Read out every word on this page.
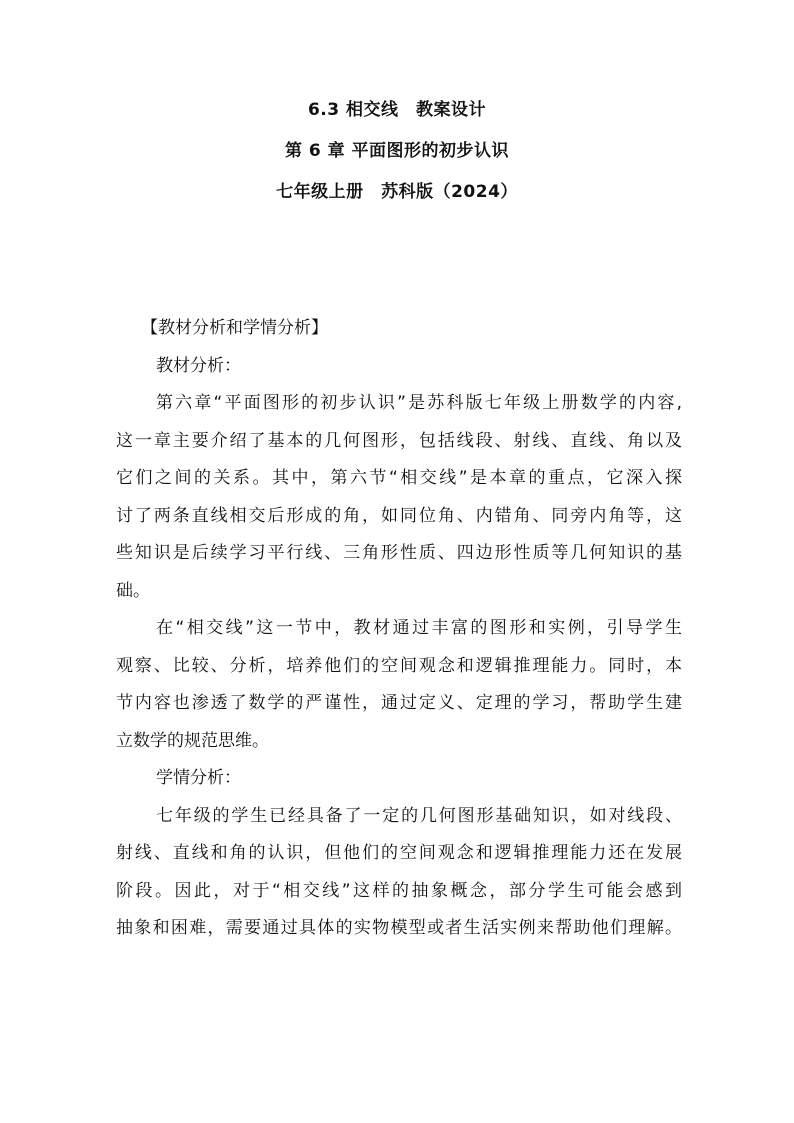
6.3 相交线　教案设计
第 6 章 平面图形的初步认识
七年级上册　苏科版（2024）
【教材分析和学情分析】
教材分析：
第六章“平面图形的初步认识”是苏科版七年级上册数学的内容,
这一章主要介绍了基本的几何图形，包括线段、射线、直线、角以及
它们之间的关系。其中，第六节“相交线”是本章的重点，它深入探
讨了两条直线相交后形成的角，如同位角、内错角、同旁内角等，这
些知识是后续学习平行线、三角形性质、四边形性质等几何知识的基
础。
在“相交线”这一节中，教材通过丰富的图形和实例，引导学生
观察、比较、分析，培养他们的空间观念和逻辑推理能力。同时，本
节内容也渗透了数学的严谨性，通过定义、定理的学习，帮助学生建
立数学的规范思维。
学情分析：
七年级的学生已经具备了一定的几何图形基础知识，如对线段、
射线、直线和角的认识，但他们的空间观念和逻辑推理能力还在发展
阶段。因此，对于“相交线”这样的抽象概念，部分学生可能会感到
抽象和困难，需要通过具体的实物模型或者生活实例来帮助他们理解。
